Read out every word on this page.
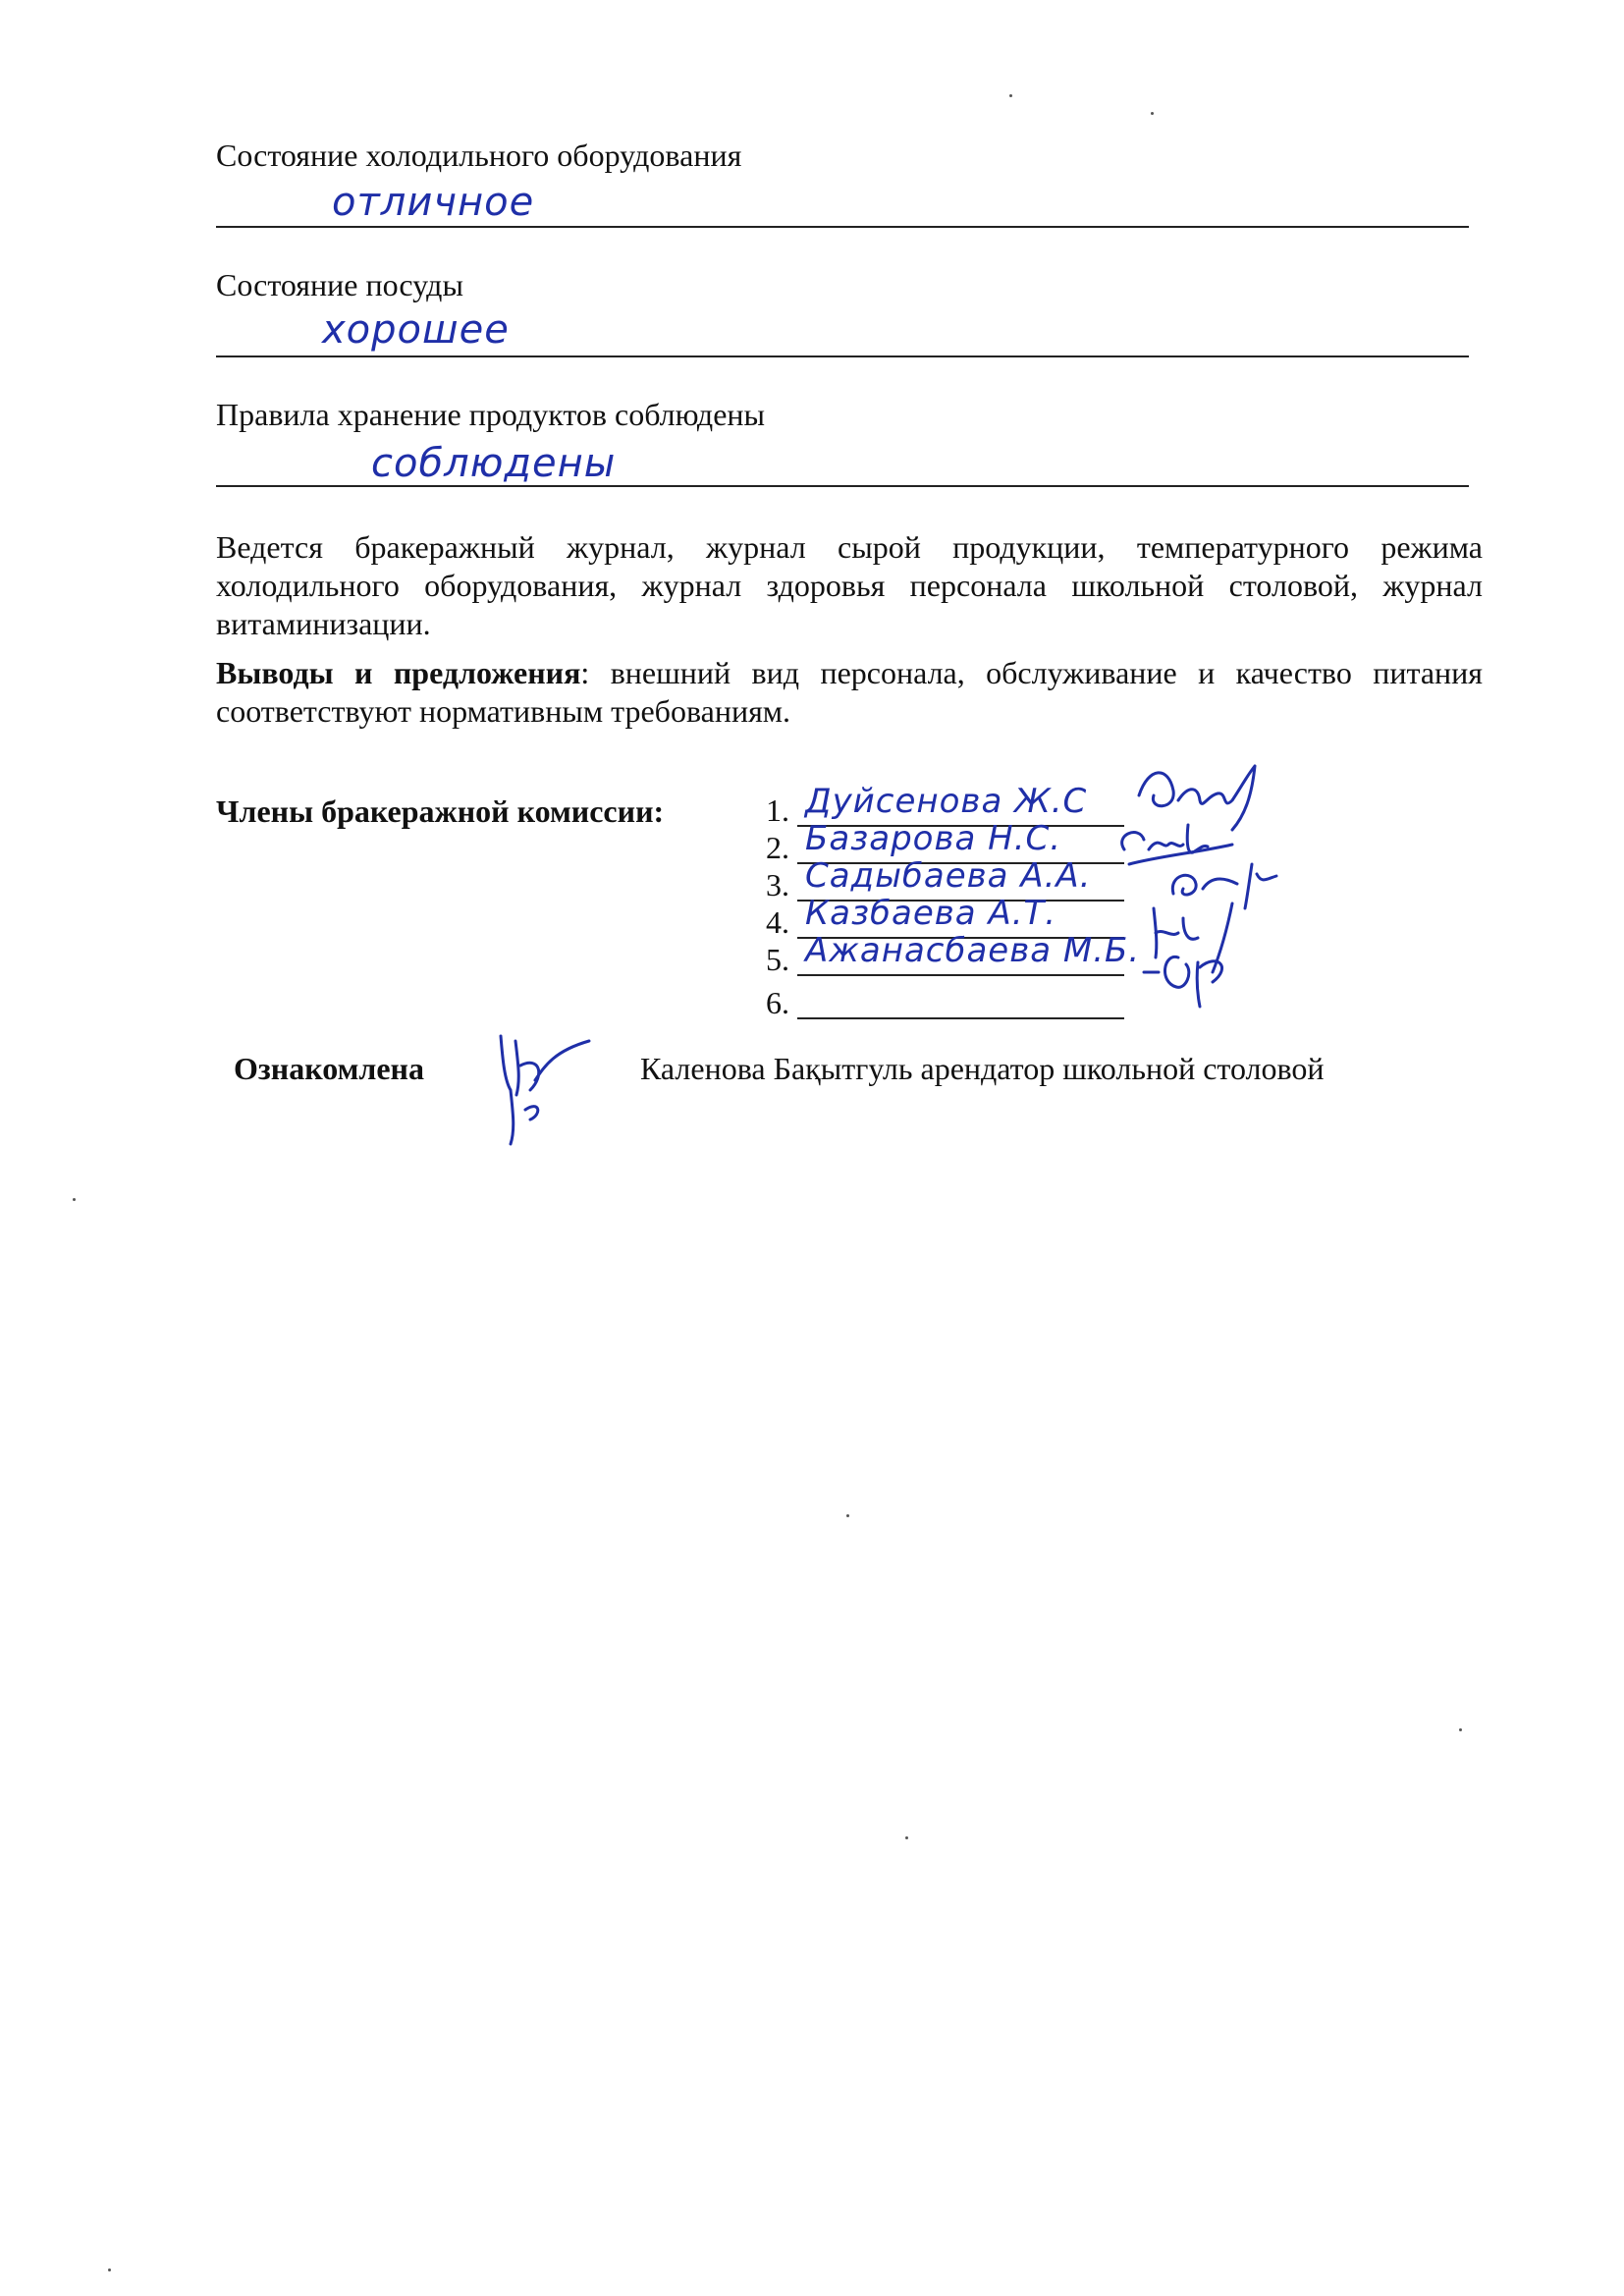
Состояние холодильного оборудования
отличное
Состояние посуды
хорошее
Правила хранение продуктов соблюдены
соблюдены
Ведется бракеражный журнал, журнал сырой продукции, температурного режима холодильного оборудования, журнал здоровья персонала школьной столовой, журнал витаминизации.
Выводы и предложения: внешний вид персонала, обслуживание и качество питания соответствуют нормативным требованиям.
Члены бракеражной комиссии:	1. Дуйсенова Ж.С
2. Базарова Н.С.
3. Садыбаева А.А.
4. Казбаева А.Т.
5. Ажанасбаева М.Б.
6.
Ознакомлена	Каленова Бақытгуль арендатор школьной столовой
